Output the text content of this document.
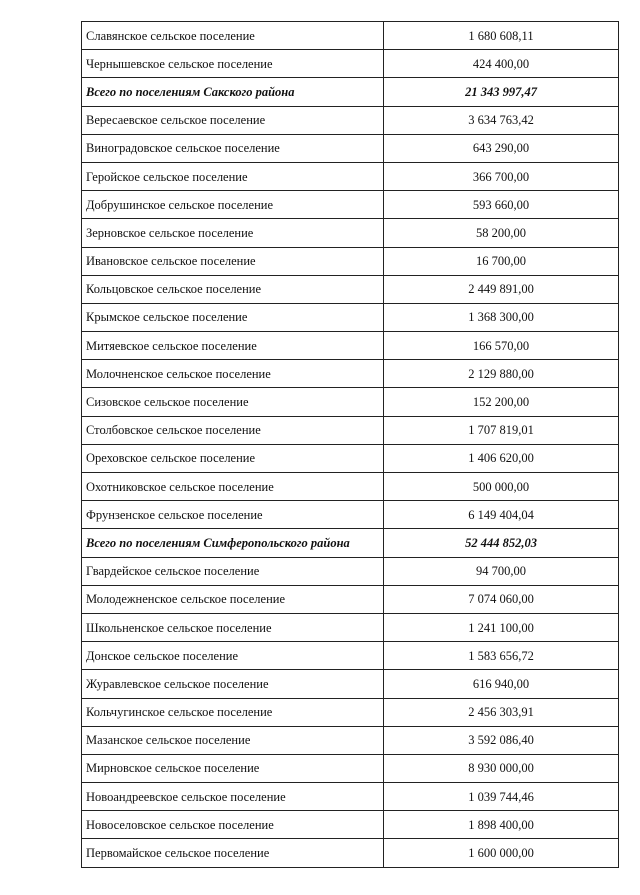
Славянское сельское поселение	1 680 608,11
Чернышевское сельское поселение	424 400,00
Всего по поселениям Сакского района	21 343 997,47
Вересаевское сельское поселение	3 634 763,42
Виноградовское сельское поселение	643 290,00
Геройское сельское поселение	366 700,00
Добрушинское сельское поселение	593 660,00
Зерновское сельское поселение	58 200,00
Ивановское сельское поселение	16 700,00
Кольцовское сельское поселение	2 449 891,00
Крымское сельское поселение	1 368 300,00
Митяевское сельское поселение	166 570,00
Молочненское сельское поселение	2 129 880,00
Сизовское сельское поселение	152 200,00
Столбовское сельское поселение	1 707 819,01
Ореховское сельское поселение	1 406 620,00
Охотниковское сельское поселение	500 000,00
Фрунзенское сельское поселение	6 149 404,04
Всего по поселениям Симферопольского района	52 444 852,03
Гвардейское сельское поселение	94 700,00
Молодежненское сельское поселение	7 074 060,00
Школьненское сельское поселение	1 241 100,00
Донское сельское поселение	1 583 656,72
Журавлевское сельское поселение	616 940,00
Кольчугинское сельское поселение	2 456 303,91
Мазанское сельское поселение	3 592 086,40
Мирновское сельское поселение	8 930 000,00
Новоандреевское сельское поселение	1 039 744,46
Новоселовское сельское поселение	1 898 400,00
Первомайское сельское поселение	1 600 000,00
